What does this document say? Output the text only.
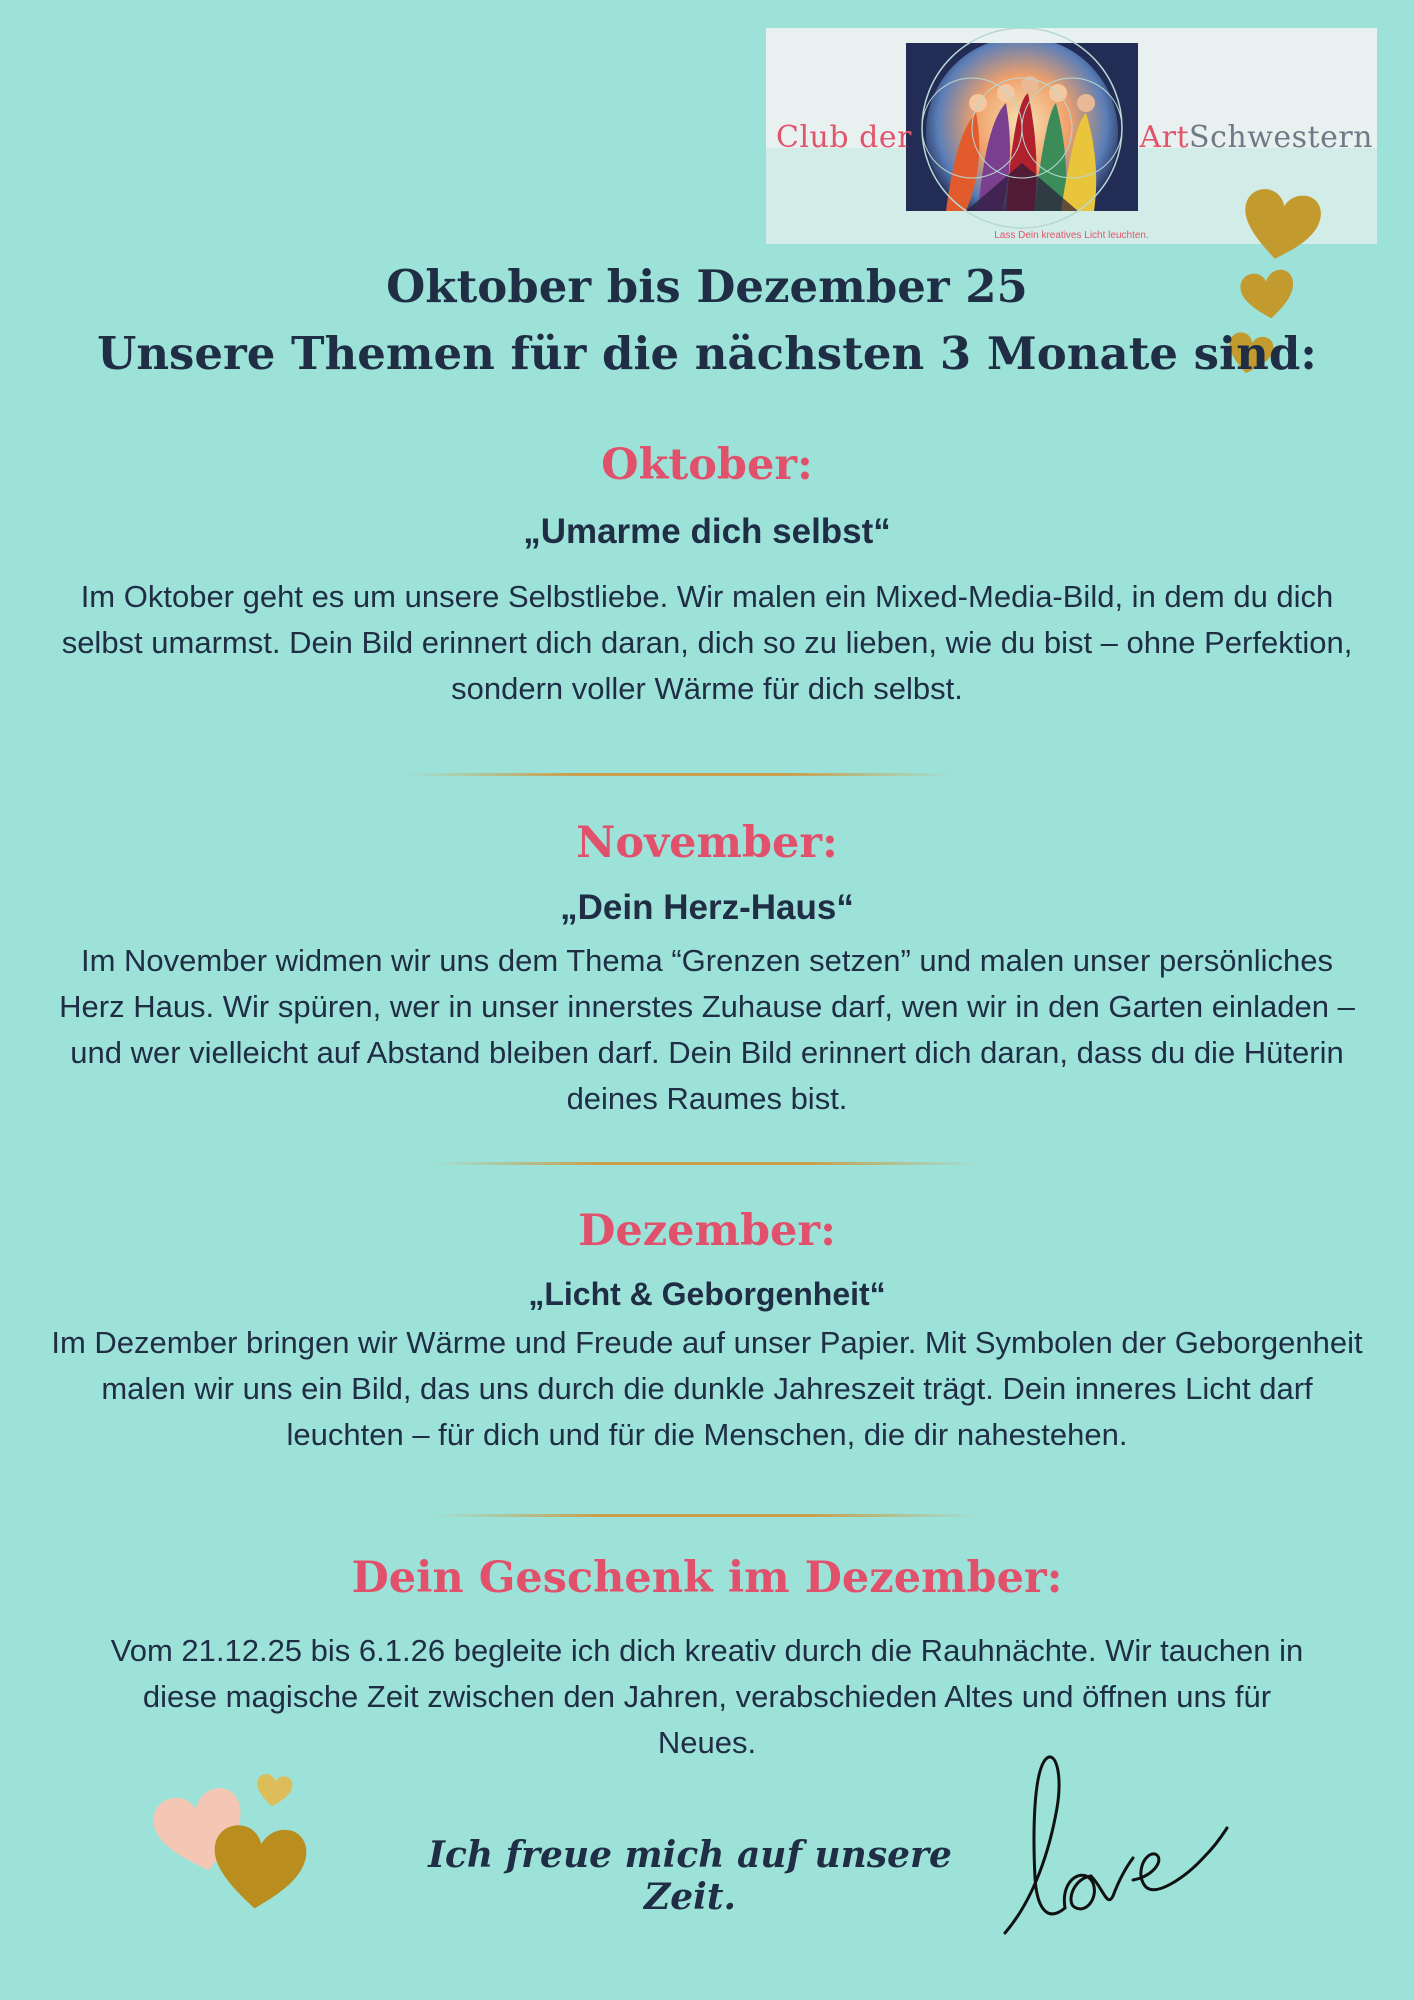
Club der	ArtSchwestern
Lass Dein kreatives Licht leuchten.
Oktober bis Dezember 25
Unsere Themen für die nächsten 3 Monate sind:
Oktober:
„Umarme dich selbst“
Im Oktober geht es um unsere Selbstliebe. Wir malen ein Mixed-Media-Bild, in dem du dich selbst umarmst. Dein Bild erinnert dich daran, dich so zu lieben, wie du bist – ohne Perfektion, sondern voller Wärme für dich selbst.
November:
„Dein Herz-Haus“
Im November widmen wir uns dem Thema “Grenzen setzen” und malen unser persönliches Herz Haus. Wir spüren, wer in unser innerstes Zuhause darf, wen wir in den Garten einladen – und wer vielleicht auf Abstand bleiben darf. Dein Bild erinnert dich daran, dass du die Hüterin deines Raumes bist.
Dezember:
„Licht & Geborgenheit“
Im Dezember bringen wir Wärme und Freude auf unser Papier. Mit Symbolen der Geborgenheit malen wir uns ein Bild, das uns durch die dunkle Jahreszeit trägt. Dein inneres Licht darf leuchten – für dich und für die Menschen, die dir nahestehen.
Dein Geschenk im Dezember:
Vom 21.12.25 bis 6.1.26 begleite ich dich kreativ durch die Rauhnächte. Wir tauchen in diese magische Zeit zwischen den Jahren, verabschieden Altes und öffnen uns für Neues.
Ich freue mich auf unsere Zeit.
